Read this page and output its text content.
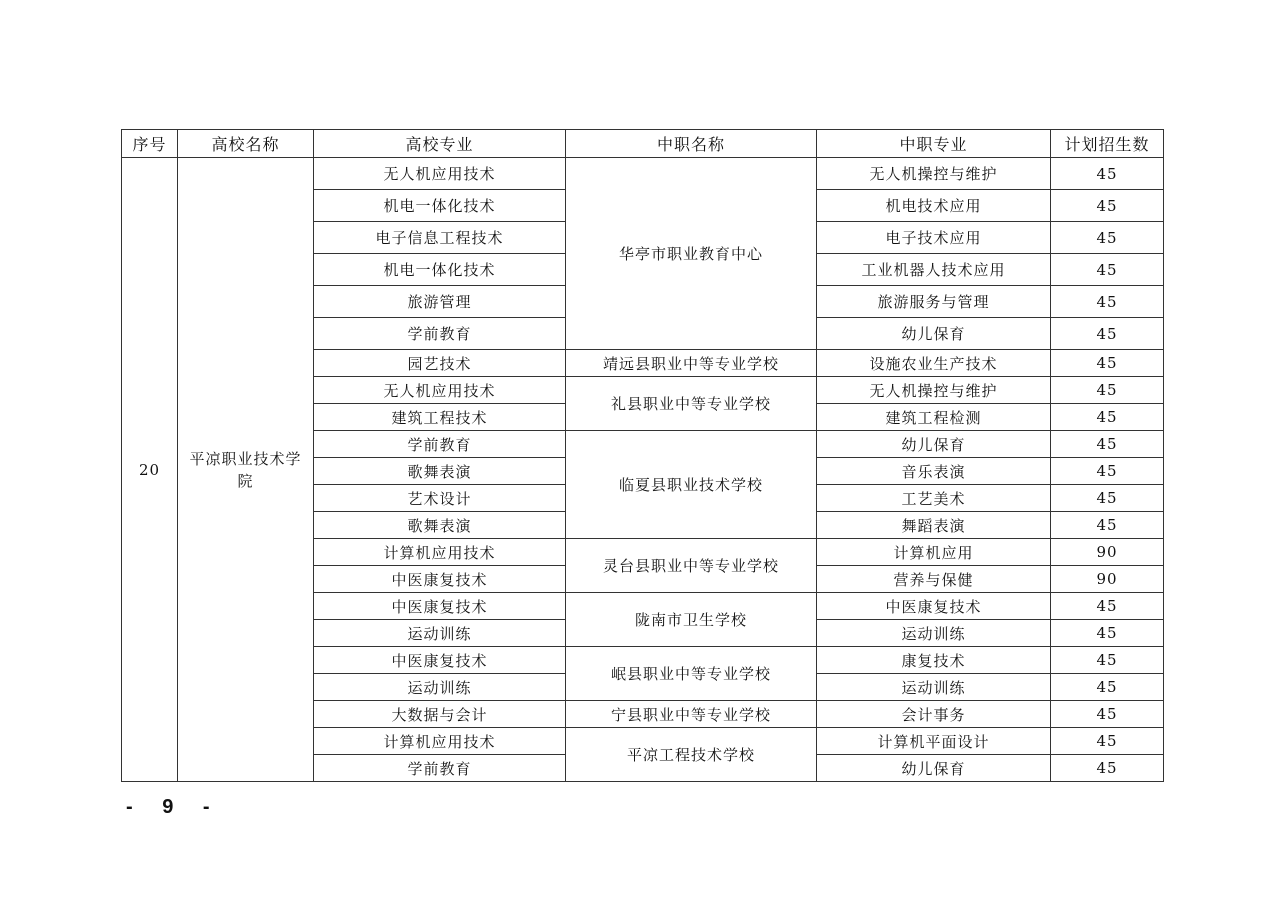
序号	高校名称	高校专业	中职名称	中职专业	计划招生数
20	平凉职业技术学院	无人机应用技术	华亭市职业教育中心	无人机操控与维护	45
		机电一体化技术		机电技术应用	45
		电子信息工程技术		电子技术应用	45
		机电一体化技术		工业机器人技术应用	45
		旅游管理		旅游服务与管理	45
		学前教育		幼儿保育	45
		园艺技术	靖远县职业中等专业学校	设施农业生产技术	45
		无人机应用技术	礼县职业中等专业学校	无人机操控与维护	45
		建筑工程技术		建筑工程检测	45
		学前教育	临夏县职业技术学校	幼儿保育	45
		歌舞表演		音乐表演	45
		艺术设计		工艺美术	45
		歌舞表演		舞蹈表演	45
		计算机应用技术	灵台县职业中等专业学校	计算机应用	90
		中医康复技术		营养与保健	90
		中医康复技术	陇南市卫生学校	中医康复技术	45
		运动训练		运动训练	45
		中医康复技术	岷县职业中等专业学校	康复技术	45
		运动训练		运动训练	45
		大数据与会计	宁县职业中等专业学校	会计事务	45
		计算机应用技术	平凉工程技术学校	计算机平面设计	45
		学前教育		幼儿保育	45
- 9 -
